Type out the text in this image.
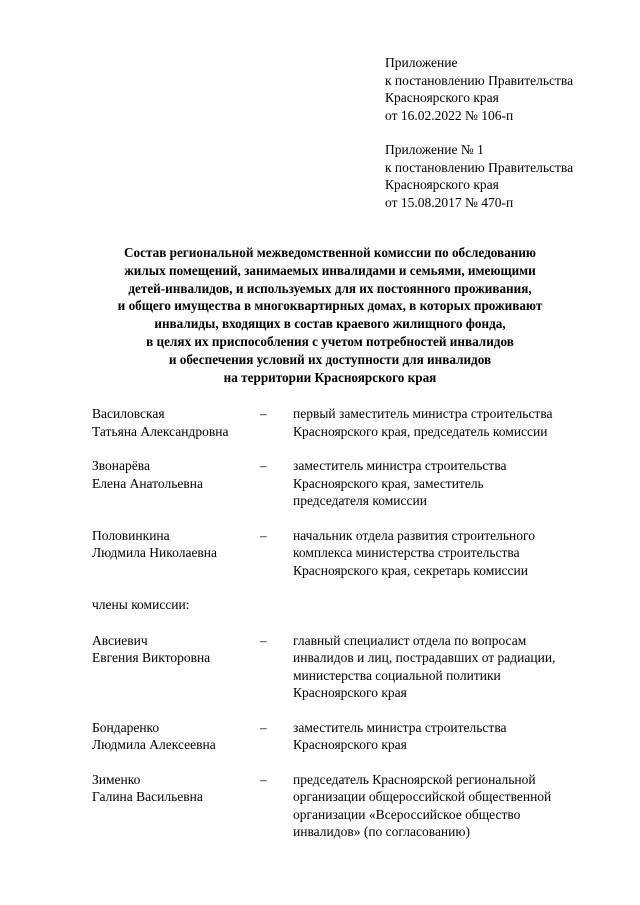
Приложение
к постановлению Правительства
Красноярского края
от 16.02.2022 № 106-п
Приложение № 1
к постановлению Правительства
Красноярского края
от 15.08.2017 № 470-п
Состав региональной межведомственной комиссии по обследованию
жилых помещений, занимаемых инвалидами и семьями, имеющими
детей-инвалидов, и используемых для их постоянного проживания,
и общего имущества в многоквартирных домах, в которых проживают
инвалиды, входящих в состав краевого жилищного фонда,
в целях их приспособления с учетом потребностей инвалидов
и обеспечения условий их доступности для инвалидов
на территории Красноярского края
Василовская
Татьяна Александровна
–	первый заместитель министра строительства
Красноярского края, председатель комиссии
Звонарёва
Елена Анатольевна
–	заместитель министра строительства
Красноярского края, заместитель
председателя комиссии
Половинкина
Людмила Николаевна
–	начальник отдела развития строительного
комплекса министерства строительства
Красноярского края, секретарь комиссии
члены комиссии:
Авсиевич
Евгения Викторовна
–	главный специалист отдела по вопросам
инвалидов и лиц, пострадавших от радиации,
министерства социальной политики
Красноярского края
Бондаренко
Людмила Алексеевна
–	заместитель министра строительства
Красноярского края
Зименко
Галина Васильевна
–	председатель Красноярской региональной
организации общероссийской общественной
организации «Всероссийское общество
инвалидов» (по согласованию)
